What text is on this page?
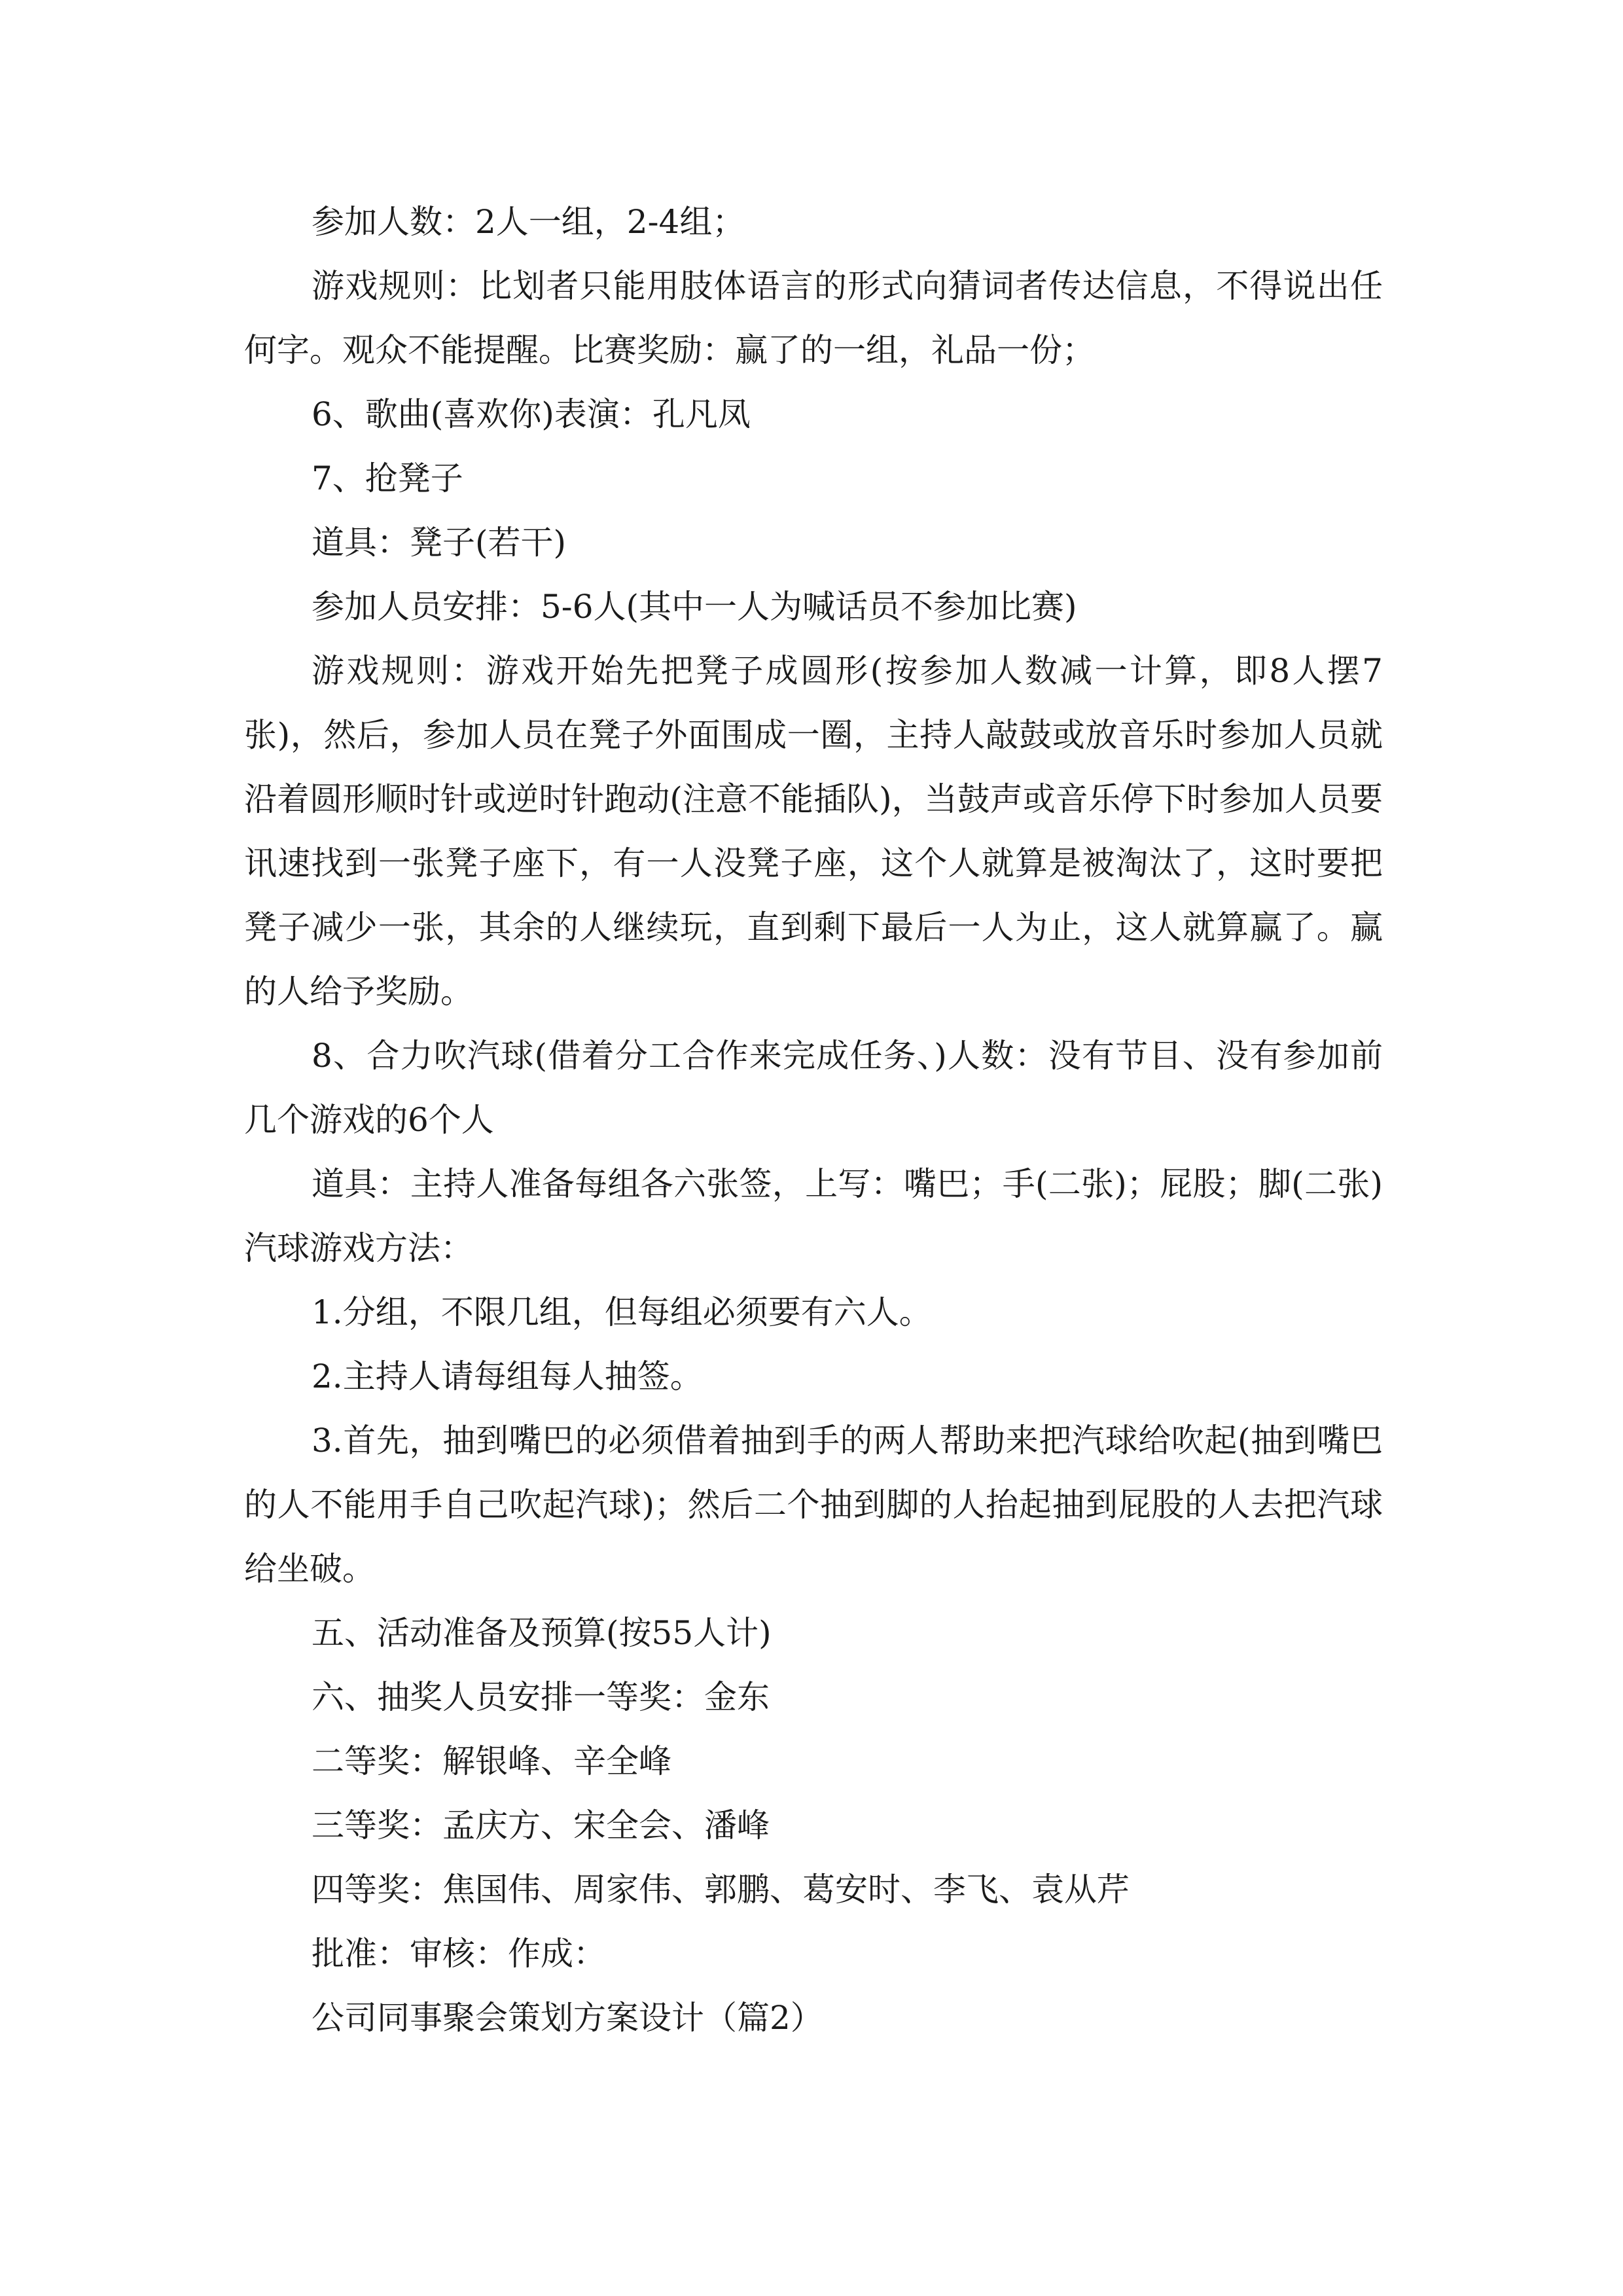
参加人数：2人一组，2-4组；

游戏规则：比划者只能用肢体语言的形式向猜词者传达信息，不得说出任何字。观众不能提醒。比赛奖励：赢了的一组，礼品一份；

6、歌曲(喜欢你)表演：孔凡凤

7、抢凳子

道具：凳子(若干)

参加人员安排：5-6人(其中一人为喊话员不参加比赛)

游戏规则：游戏开始先把凳子成圆形(按参加人数减一计算，即8人摆7张)，然后，参加人员在凳子外面围成一圈，主持人敲鼓或放音乐时参加人员就沿着圆形顺时针或逆时针跑动(注意不能插队)，当鼓声或音乐停下时参加人员要讯速找到一张凳子座下，有一人没凳子座，这个人就算是被淘汰了，这时要把凳子减少一张，其余的人继续玩，直到剩下最后一人为止，这人就算赢了。赢的人给予奖励。

8、合力吹汽球(借着分工合作来完成任务、)人数：没有节目、没有参加前几个游戏的6个人

道具：主持人准备每组各六张签，上写：嘴巴；手(二张)；屁股；脚(二张)汽球游戏方法：

1.分组，不限几组，但每组必须要有六人。

2.主持人请每组每人抽签。

3.首先，抽到嘴巴的必须借着抽到手的两人帮助来把汽球给吹起(抽到嘴巴的人不能用手自己吹起汽球)；然后二个抽到脚的人抬起抽到屁股的人去把汽球给坐破。

五、活动准备及预算(按55人计)

六、抽奖人员安排一等奖：金东

二等奖：解银峰、辛全峰

三等奖：孟庆方、宋全会、潘峰

四等奖：焦国伟、周家伟、郭鹏、葛安时、李飞、袁从芹

批准：审核：作成：

公司同事聚会策划方案设计（篇2）
